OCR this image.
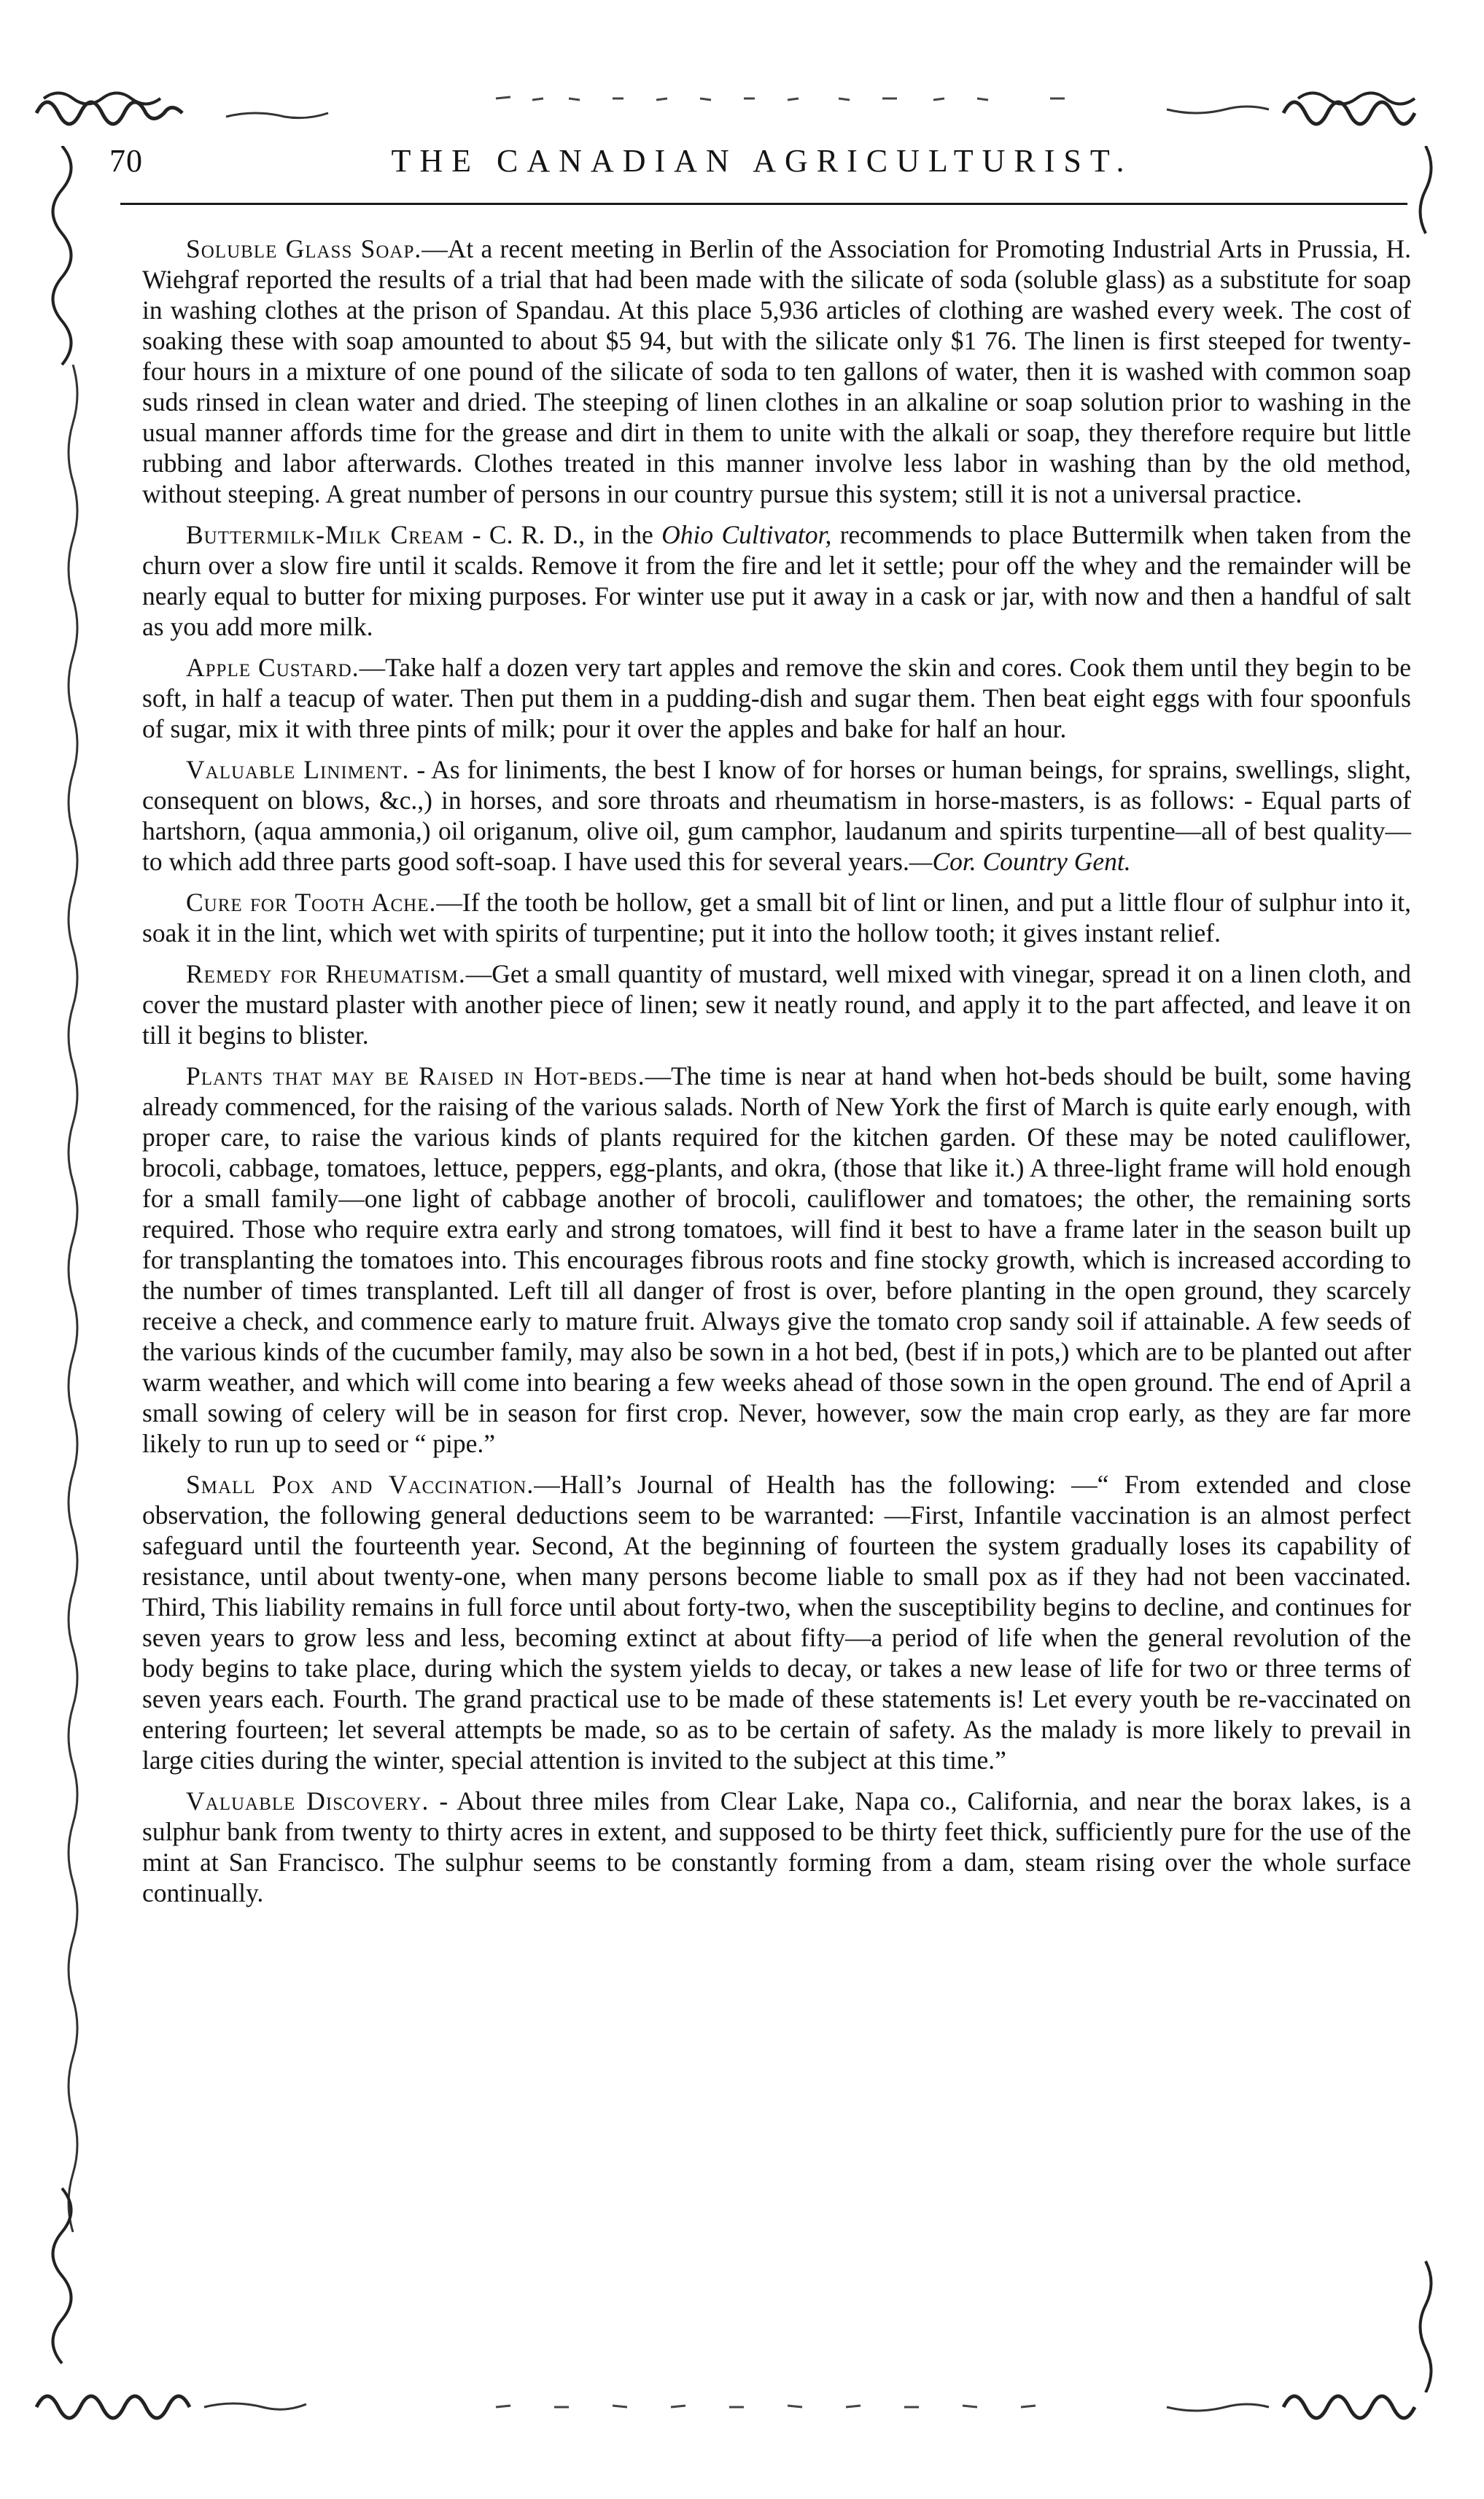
70	THE CANADIAN AGRICULTURIST.

Soluble Glass Soap.—At a recent meeting in Berlin of the Association for Promoting Industrial Arts in Prussia, H. Wiehgraf reported the results of a trial that had been made with the silicate of soda (soluble glass) as a substitute for soap in washing clothes at the prison of Spandau. At this place 5,936 articles of clothing are washed every week. The cost of soaking these with soap amounted to about $5 94, but with the silicate only $1 76. The linen is first steeped for twenty-four hours in a mixture of one pound of the silicate of soda to ten gallons of water, then it is washed with common soap suds rinsed in clean water and dried. The steeping of linen clothes in an alkaline or soap solution prior to washing in the usual manner affords time for the grease and dirt in them to unite with the alkali or soap, they therefore require but little rubbing and labor afterwards. Clothes treated in this manner involve less labor in washing than by the old method, without steeping. A great number of persons in our country pursue this system; still it is not a universal practice.

Buttermilk-Milk Cream - C. R. D., in the Ohio Cultivator, recommends to place Buttermilk when taken from the churn over a slow fire until it scalds. Remove it from the fire and let it settle; pour off the whey and the remainder will be nearly equal to butter for mixing purposes. For winter use put it away in a cask or jar, with now and then a handful of salt as you add more milk.

Apple Custard.—Take half a dozen very tart apples and remove the skin and cores. Cook them until they begin to be soft, in half a teacup of water. Then put them in a pudding-dish and sugar them. Then beat eight eggs with four spoonfuls of sugar, mix it with three pints of milk; pour it over the apples and bake for half an hour.

Valuable Liniment. - As for liniments, the best I know of for horses or human beings, for sprains, swellings, slight, consequent on blows, &c.,) in horses, and sore throats and rheumatism in horse-masters, is as follows: - Equal parts of hartshorn, (aqua ammonia,) oil origanum, olive oil, gum camphor, laudanum and spirits turpentine—all of best quality—to which add three parts good soft-soap. I have used this for several years.—Cor. Country Gent.

Cure for Tooth Ache.—If the tooth be hollow, get a small bit of lint or linen, and put a little flour of sulphur into it, soak it in the lint, which wet with spirits of turpentine; put it into the hollow tooth; it gives instant relief.

Remedy for Rheumatism.—Get a small quantity of mustard, well mixed with vinegar, spread it on a linen cloth, and cover the mustard plaster with another piece of linen; sew it neatly round, and apply it to the part affected, and leave it on till it begins to blister.

Plants that may be Raised in Hot-beds.—The time is near at hand when hot-beds should be built, some having already commenced, for the raising of the various salads. North of New York the first of March is quite early enough, with proper care, to raise the various kinds of plants required for the kitchen garden. Of these may be noted cauliflower, brocoli, cabbage, tomatoes, lettuce, peppers, egg-plants, and okra, (those that like it.) A three-light frame will hold enough for a small family—one light of cabbage another of brocoli, cauliflower and tomatoes; the other, the remaining sorts required. Those who require extra early and strong tomatoes, will find it best to have a frame later in the season built up for transplanting the tomatoes into. This encourages fibrous roots and fine stocky growth, which is increased according to the number of times transplanted. Left till all danger of frost is over, before planting in the open ground, they scarcely receive a check, and commence early to mature fruit. Always give the tomato crop sandy soil if attainable. A few seeds of the various kinds of the cucumber family, may also be sown in a hot bed, (best if in pots,) which are to be planted out after warm weather, and which will come into bearing a few weeks ahead of those sown in the open ground. The end of April a small sowing of celery will be in season for first crop. Never, however, sow the main crop early, as they are far more likely to run up to seed or “ pipe.”

Small Pox and Vaccination.—Hall’s Journal of Health has the following: —“ From extended and close observation, the following general deductions seem to be warranted: —First, Infantile vaccination is an almost perfect safeguard until the fourteenth year. Second, At the beginning of fourteen the system gradually loses its capability of resistance, until about twenty-one, when many persons become liable to small pox as if they had not been vaccinated. Third, This liability remains in full force until about forty-two, when the susceptibility begins to decline, and continues for seven years to grow less and less, becoming extinct at about fifty—a period of life when the general revolution of the body begins to take place, during which the system yields to decay, or takes a new lease of life for two or three terms of seven years each. Fourth. The grand practical use to be made of these statements is! Let every youth be re-vaccinated on entering fourteen; let several attempts be made, so as to be certain of safety. As the malady is more likely to prevail in large cities during the winter, special attention is invited to the subject at this time.”

Valuable Discovery. - About three miles from Clear Lake, Napa co., California, and near the borax lakes, is a sulphur bank from twenty to thirty acres in extent, and supposed to be thirty feet thick, sufficiently pure for the use of the mint at San Francisco. The sulphur seems to be constantly forming from a dam, steam rising over the whole surface continually.
